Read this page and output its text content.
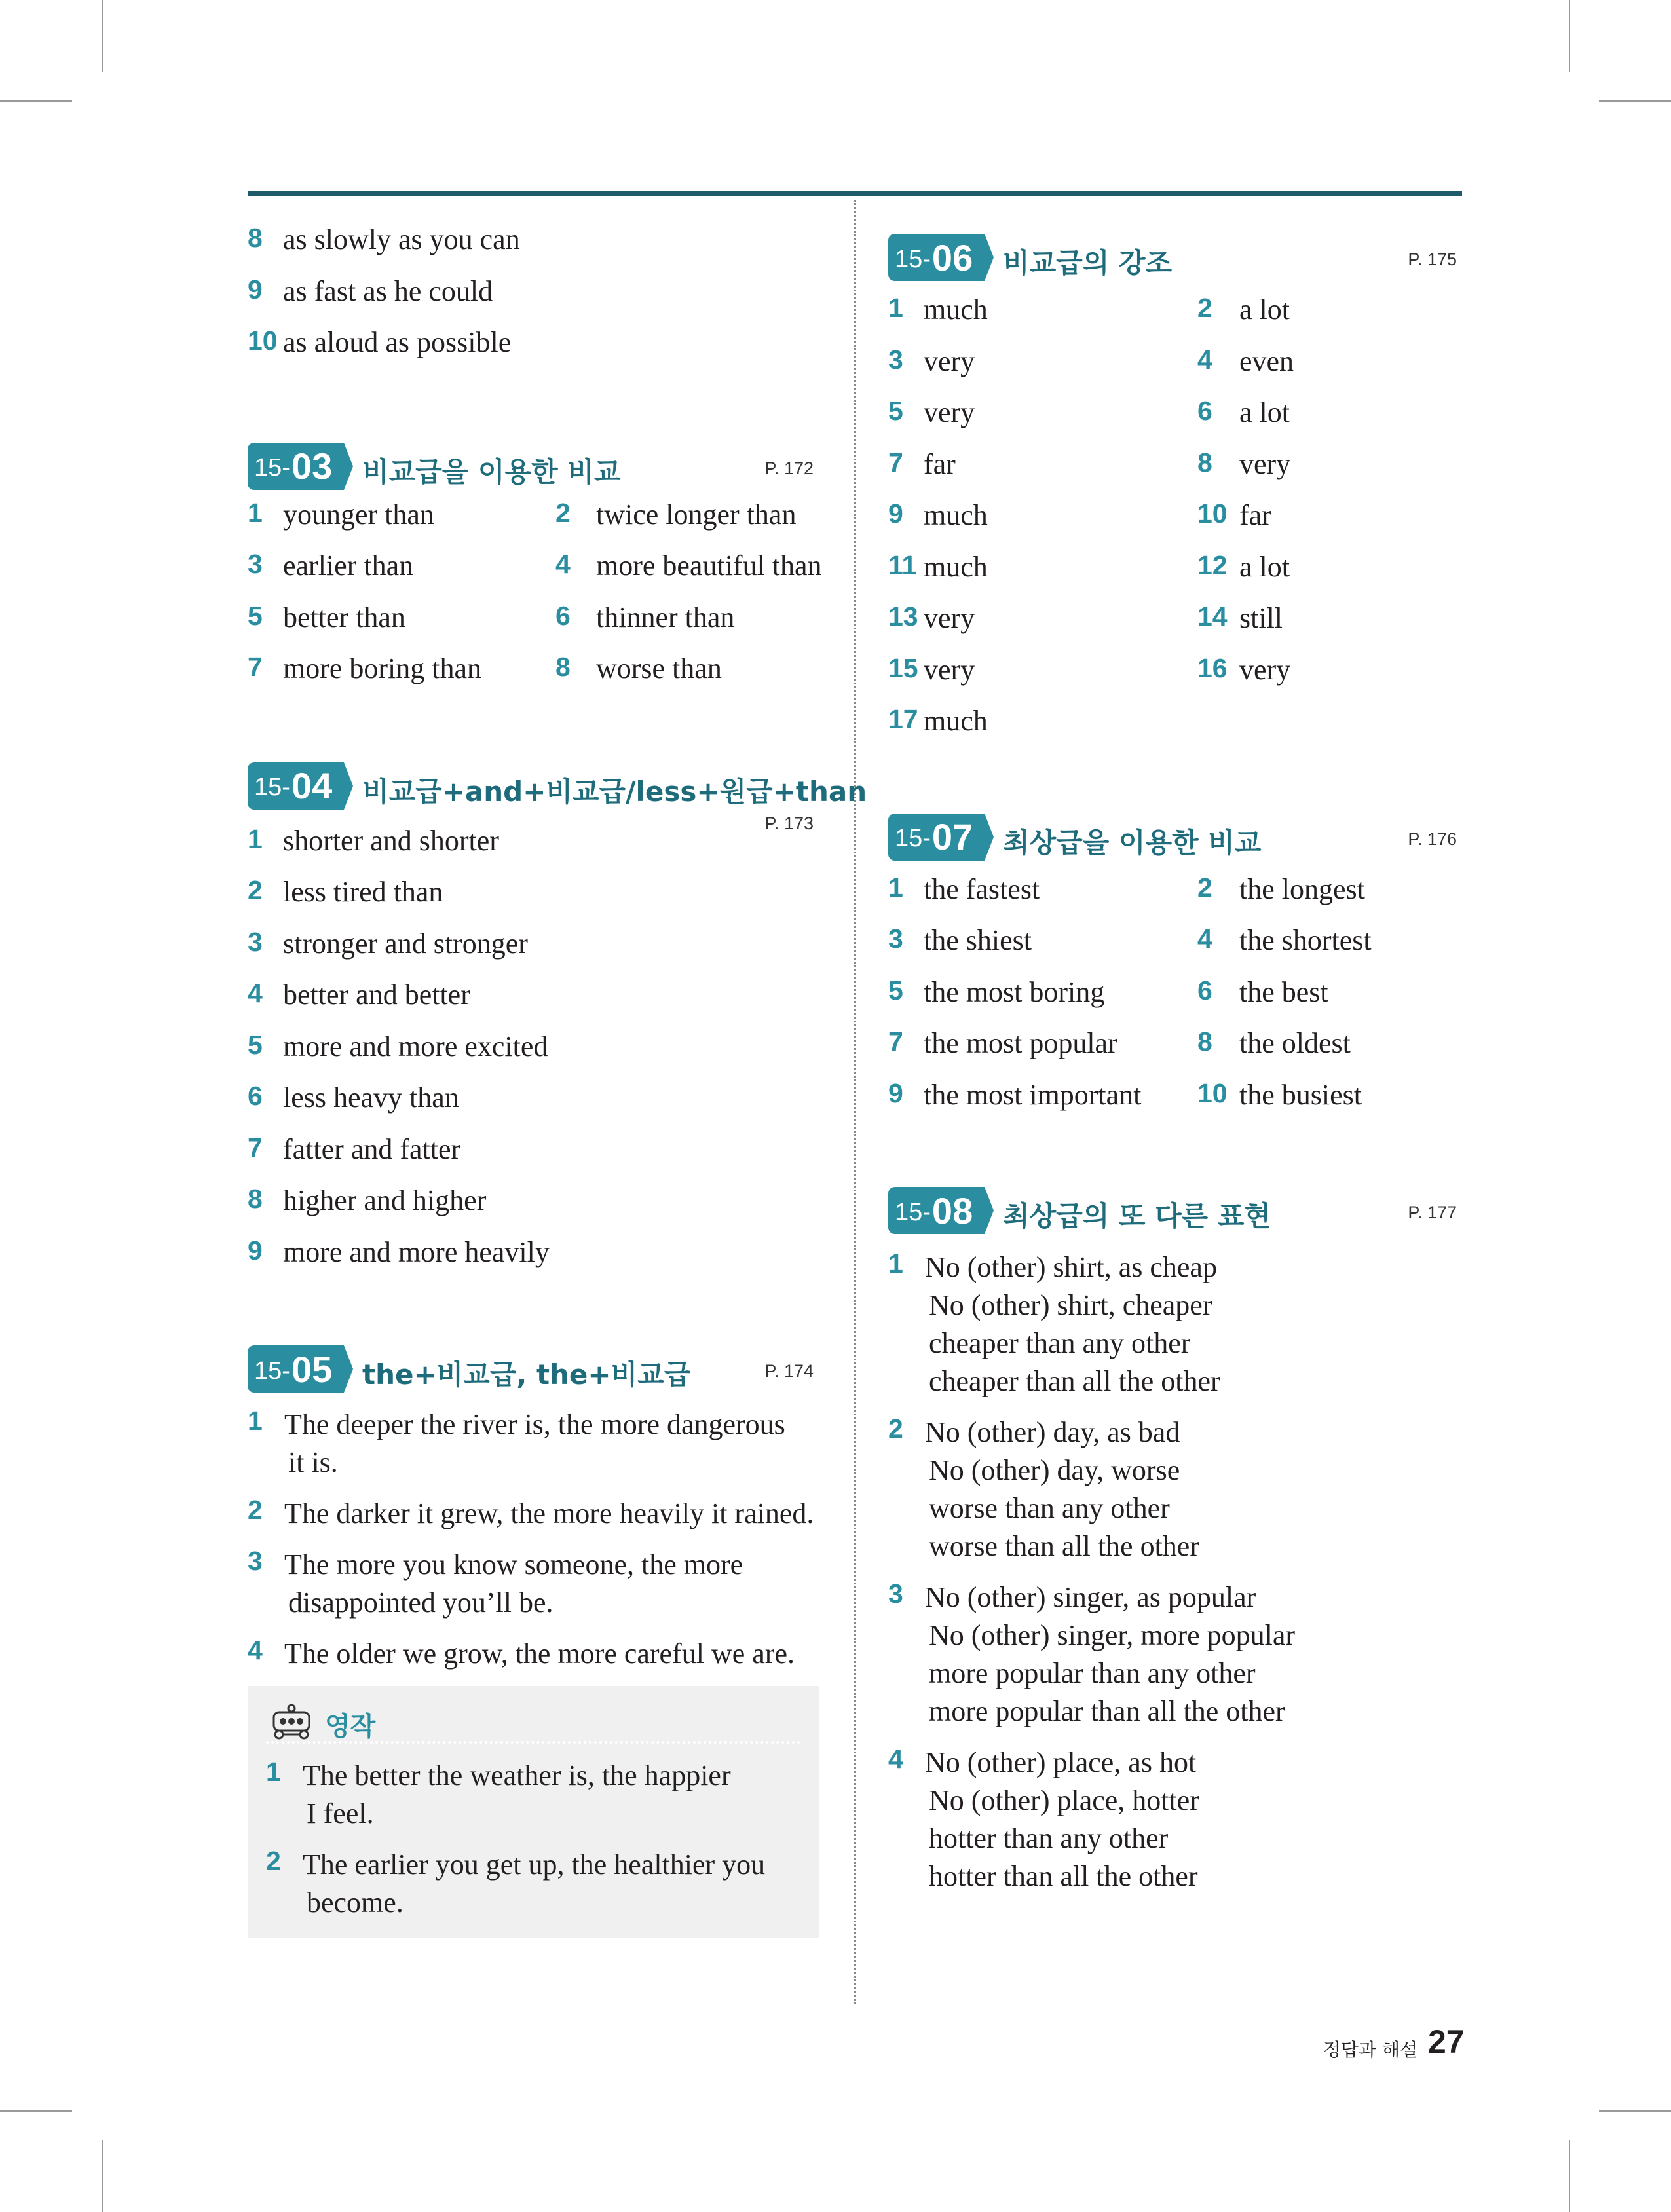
8 as slowly as you can
9 as fast as he could
10 as aloud as possible
15- 03 비교급을 이용한 비교	P. 172
1 younger than	2 twice longer than
3 earlier than	4 more beautiful than
5 better than	6 thinner than
7 more boring than	8 worse than
15- 04 비교급+and+비교급/less+원급+than
P. 173
1 shorter and shorter
2 less tired than
3 stronger and stronger
4 better and better
5 more and more excited
6 less heavy than
7 fatter and fatter
8 higher and higher
9 more and more heavily
15- 05 the+비교급, the+비교급	P. 174
1 The deeper the river is, the more dangerous
it is.
2 The darker it grew, the more heavily it rained.
3 The more you know someone, the more
disappointed you’ll be.
4 The older we grow, the more careful we are.
영작
1 The better the weather is, the happier
I feel.
2 The earlier you get up, the healthier you
become.
15- 06 비교급의 강조	P. 175
1 much	2 a lot
3 very	4 even
5 very	6 a lot
7 far	8 very
9 much	10 far
11 much	12 a lot
13 very	14 still
15 very	16 very
17 much
15- 07 최상급을 이용한 비교	P. 176
1 the fastest	2 the longest
3 the shiest	4 the shortest
5 the most boring	6 the best
7 the most popular	8 the oldest
9 the most important 10 the busiest
15- 08 최상급의 또 다른 표현	P. 177
1 No (other) shirt, as cheap
No (other) shirt, cheaper
cheaper than any other
cheaper than all the other
2 No (other) day, as bad
No (other) day, worse
worse than any other
worse than all the other
3 No (other) singer, as popular
No (other) singer, more popular
more popular than any other
more popular than all the other
4 No (other) place, as hot
No (other) place, hotter
hotter than any other
hotter than all the other
정답과 해설 27
